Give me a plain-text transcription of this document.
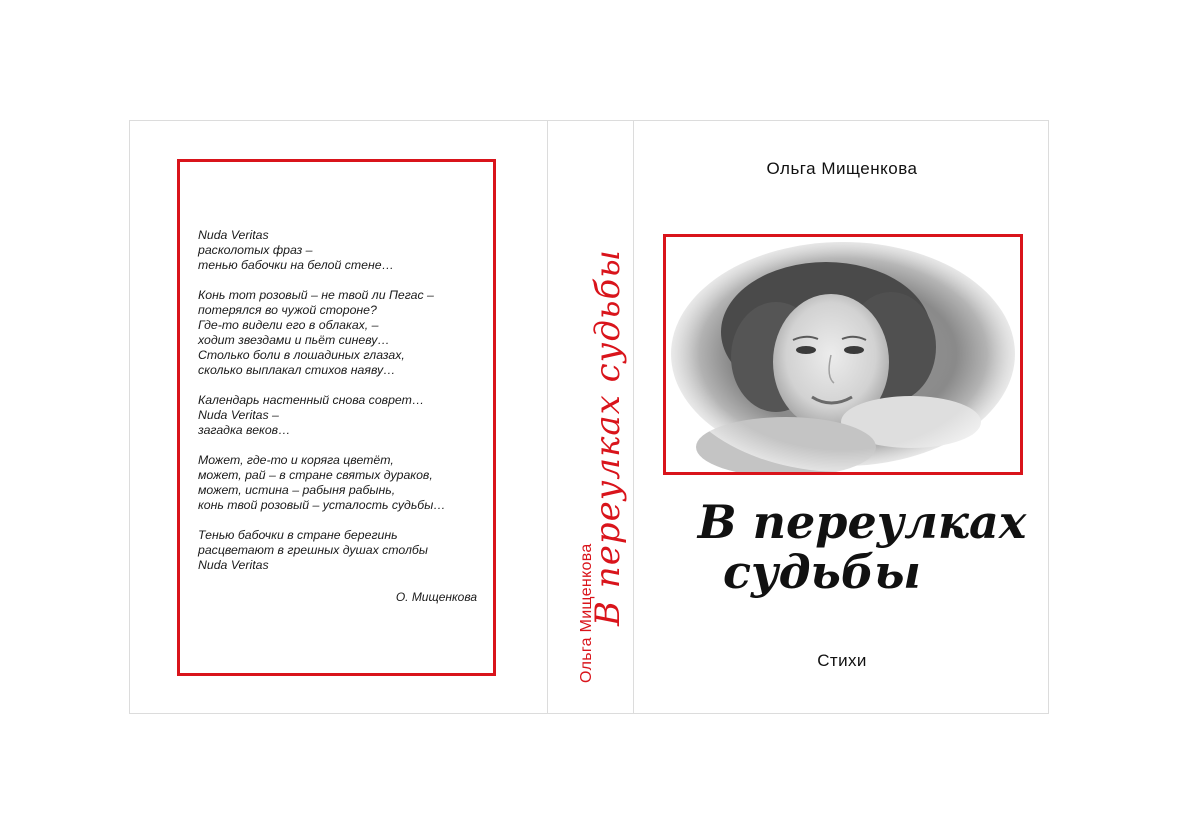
Nuda Veritas
расколотых фраз –
тенью бабочки на белой стене…
Конь тот розовый – не твой ли Пегас –
потерялся во чужой стороне?
Где-то видели его в облаках, –
ходит звездами и пьёт синеву…
Столько боли в лошадиных глазах,
сколько выплакал стихов наяву…
Календарь настенный снова соврет…
Nuda Veritas –
загадка веков…
Может, где-то и коряга цветёт,
может, рай – в стране святых дураков,
может, истина – рабыня рабынь,
конь твой розовый – усталость судьбы…
Тенью бабочки в стране берегинь
расцветают в грешных душах столбы
Nuda Veritas
О. Мищенкова	В переулках судьбы
Ольга Мищенкова
Ольга Мищенкова
В переулках
судьбы
Стихи
